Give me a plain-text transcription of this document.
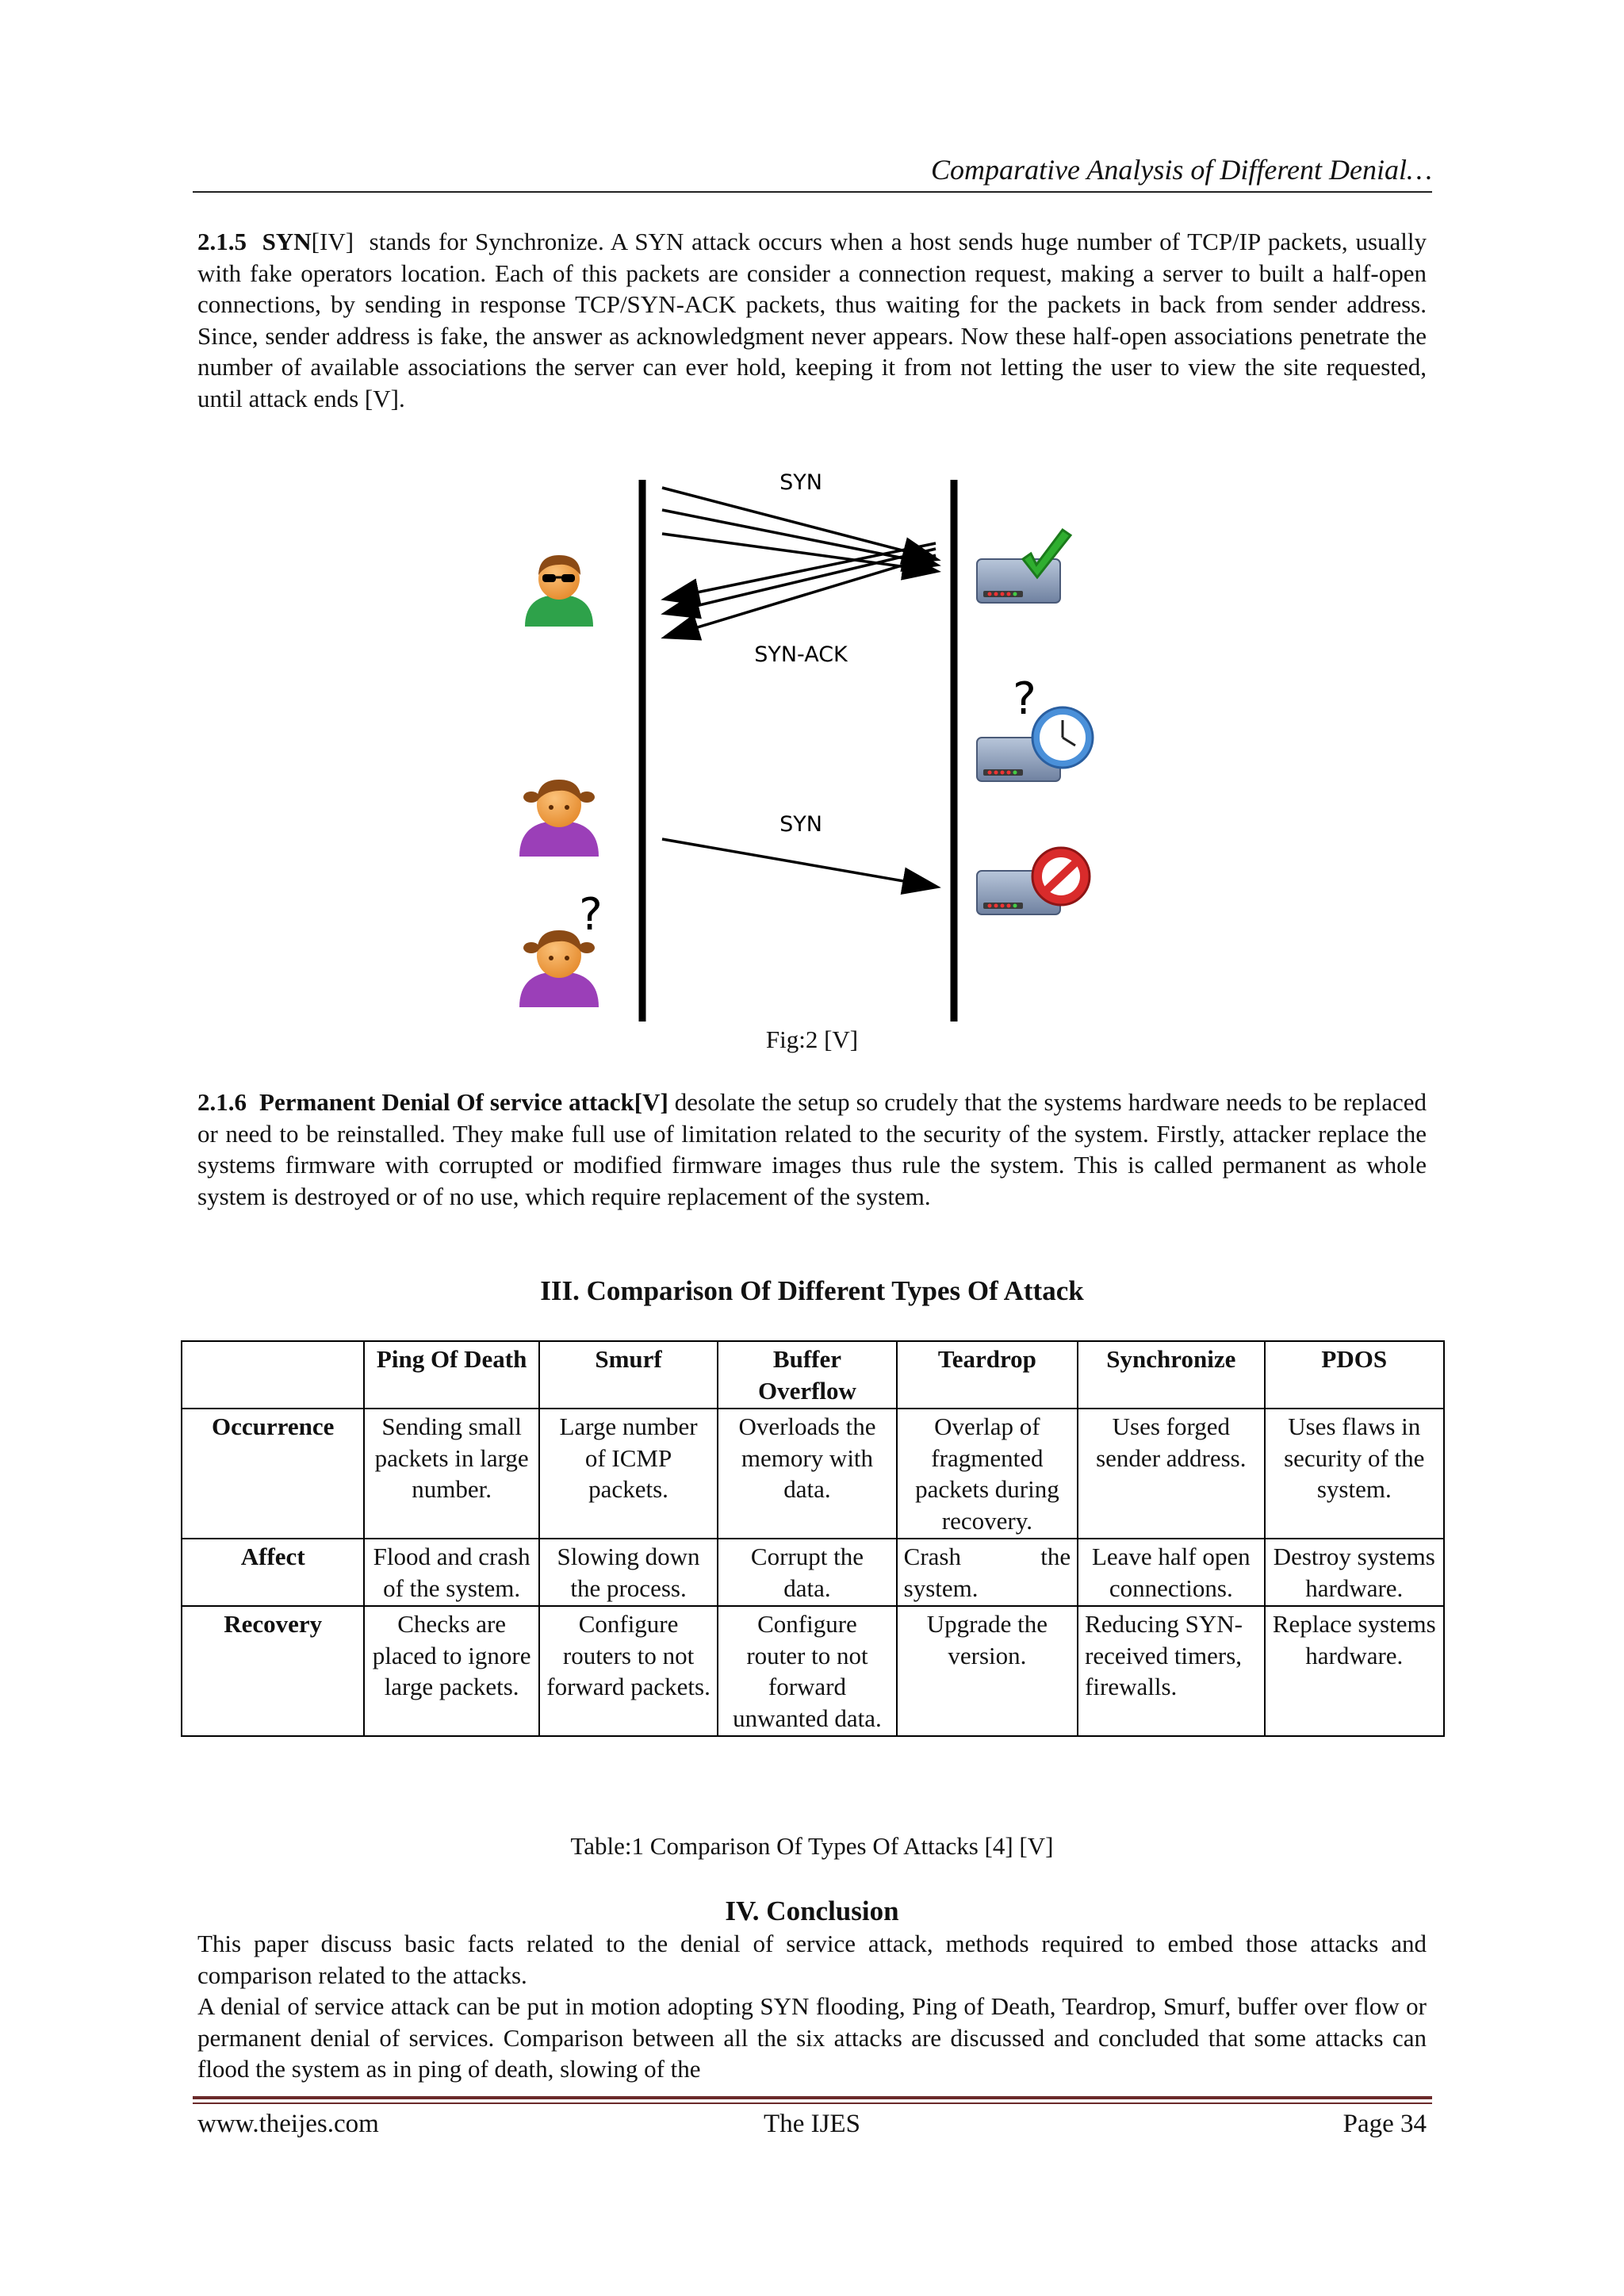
Comparative Analysis of Different Denial…
2.1.5  SYN[IV]  stands for Synchronize. A SYN attack occurs when a host sends huge number of TCP/IP packets, usually with fake operators location. Each of this packets are consider a connection request, making a server to built a half-open connections, by sending in response TCP/SYN-ACK packets, thus waiting for the packets in back from sender address. Since, sender address is fake, the answer as acknowledgment never appears. Now these half-open associations penetrate the number of available associations the server can ever hold, keeping it from not letting the user to view the site requested, until attack ends [V].
SYN
SYN-ACK
SYN
?
?
Fig:2 [V]
2.1.6  Permanent Denial Of service attack[V] desolate the setup so crudely that the systems hardware needs to be replaced or need to be reinstalled. They make full use of limitation related to the security of the system. Firstly, attacker replace the systems firmware with corrupted or modified firmware images thus rule the system. This is called permanent as whole system is destroyed or of no use, which require replacement of the system.
III. Comparison Of Different Types Of Attack
	Ping Of Death	Smurf	Buffer Overflow	Teardrop	Synchronize	PDOS
Occurrence	Sending small packets in large number.	Large number of ICMP packets.	Overloads the memory with data.	Overlap of fragmented packets during recovery.	Uses forged sender address.	Uses flaws in security of the system.
Affect	Flood and crash of the system.	Slowing down the process.	Corrupt the data.	Crash the system.	Leave half open connections.	Destroy systems hardware.
Recovery	Checks are placed to ignore large packets.	Configure routers to not forward packets.	Configure router to not forward unwanted data.	Upgrade the version.	Reducing SYN-received timers, firewalls.	Replace systems hardware.
Table:1 Comparison Of Types Of Attacks [4] [V]
IV. Conclusion
This paper discuss basic facts related to the denial of service attack, methods required to embed those attacks and comparison related to the attacks.
A denial of service attack can be put in motion adopting SYN flooding, Ping of Death, Teardrop, Smurf, buffer over flow or permanent denial of services. Comparison between all the six attacks are discussed and concluded that some attacks can flood the system as in ping of death, slowing of the
www.theijes.com	The IJES	Page 34
